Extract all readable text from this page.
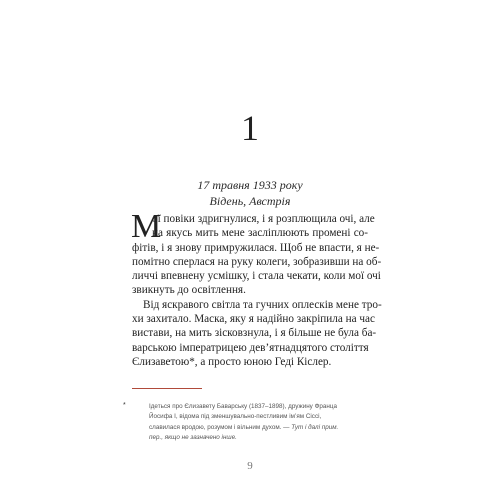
1
17 травня 1933 року
Відень, Австрія
М
ої повіки здригнулися, і я розплющила очі, але
на якусь мить мене засліплюють промені со-
фітів, і я знову примружилася. Щоб не впасти, я не-
помітно сперлася на руку колеги, зобразивши на об-
личчі впевнену усмішку, і стала чекати, коли мої очі
звикнуть до освітлення.
Від яскравого світла та гучних оплесків мене тро-
хи захитало. Маска, яку я надійно закріпила на час
вистави, на мить зісковзнула, і я більше не була ба-
варською імператрицею дев’ятнадцятого століття
Єлизаветою*, а просто юною Геді Кіслер.
*	Ідеться про Єлизавету Баварську (1837–1898), дружину Франца
Йосифа I, відома під зменшувально-пестливим ім’ям Сіссі,
славилася вродою, розумом і вільним духом. — Тут і далі прим.
пер., якщо не зазначено інше.
9
